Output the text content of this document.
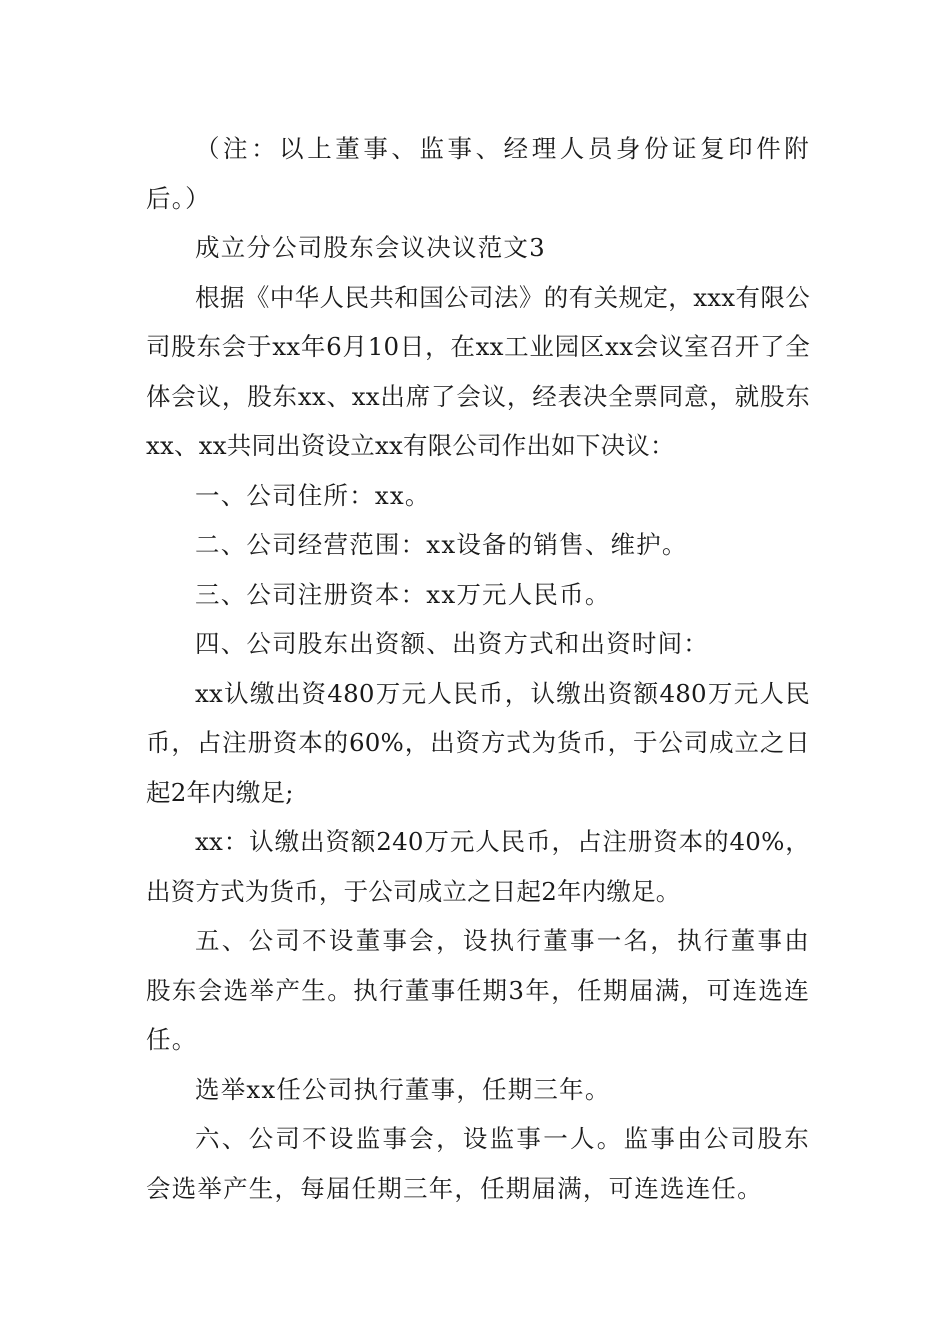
（注：以上董事、监事、经理人员身份证复印件附后。）

成立分公司股东会议决议范文3

根据《中华人民共和国公司法》的有关规定，xxx有限公司股东会于xx年6月10日，在xx工业园区xx会议室召开了全体会议，股东xx、xx出席了会议，经表决全票同意，就股东xx、xx共同出资设立xx有限公司作出如下决议：

一、公司住所：xx。

二、公司经营范围：xx设备的销售、维护。

三、公司注册资本：xx万元人民币。

四、公司股东出资额、出资方式和出资时间：

xx认缴出资480万元人民币，认缴出资额480万元人民币，占注册资本的60%，出资方式为货币，于公司成立之日起2年内缴足;

xx：认缴出资额240万元人民币，占注册资本的40%，出资方式为货币，于公司成立之日起2年内缴足。

五、公司不设董事会，设执行董事一名，执行董事由股东会选举产生。执行董事任期3年，任期届满，可连选连任。

选举xx任公司执行董事，任期三年。

六、公司不设监事会，设监事一人。监事由公司股东会选举产生，每届任期三年，任期届满，可连选连任。
